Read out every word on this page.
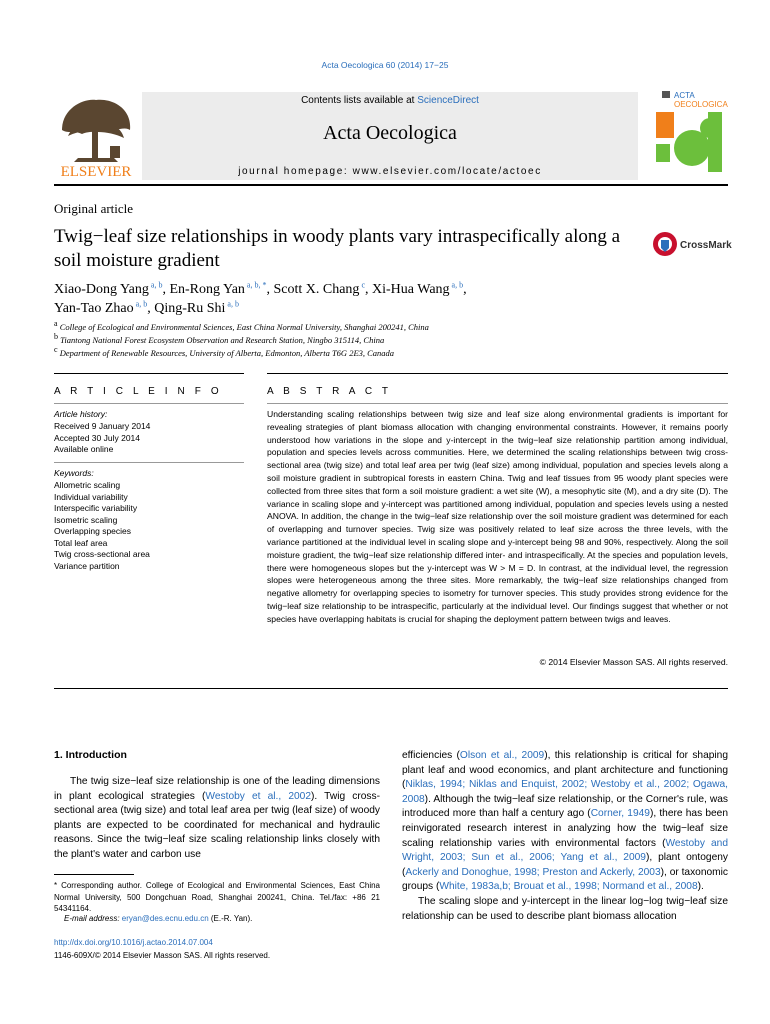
Acta Oecologica 60 (2014) 17−25
ELSEVIER
Contents lists available at ScienceDirect
Acta Oecologica
journal homepage: www.elsevier.com/locate/actoec
ACTA
OECOLOGICA
Original article
Twig−leaf size relationships in woody plants vary intraspecifically along a soil moisture gradient
CrossMark
Xiao-Dong Yang $^{a, b}$, En-Rong Yan $^{a, b, *}$, Scott X. Chang $^c$, Xi-Hua Wang $^{a, b}$,
Yan-Tao Zhao $^{a, b}$, Qing-Ru Shi $^{a, b}$
$^a$ College of Ecological and Environmental Sciences, East China Normal University, Shanghai 200241, China
$^b$ Tiantong National Forest Ecosystem Observation and Research Station, Ningbo 315114, China
$^c$ Department of Renewable Resources, University of Alberta, Edmonton, Alberta T6G 2E3, Canada
A R T I C L E I N F O
Article history:
Received 9 January 2014
Accepted 30 July 2014
Available online
Keywords:
Allometric scaling
Individual variability
Interspecific variability
Isometric scaling
Overlapping species
Total leaf area
Twig cross-sectional area
Variance partition
A B S T R A C T
Understanding scaling relationships between twig size and leaf size along environmental gradients is important for revealing strategies of plant biomass allocation with changing environmental constraints. However, it remains poorly understood how variations in the slope and y-intercept in the twig−leaf size relationship partition among individual, population and species levels across communities. Here, we determined the scaling relationships between twig cross-sectional area (twig size) and total leaf area per twig (leaf size) among individual, population and species levels along a soil moisture gradient in subtropical forests in eastern China. Twig and leaf tissues from 95 woody plant species were collected from three sites that form a soil moisture gradient: a wet site (W), a mesophytic site (M), and a dry site (D). The variance in scaling slope and y-intercept was partitioned among individual, population and species levels using a nested ANOVA. In addition, the change in the twig−leaf size relationship over the soil moisture gradient was determined for each of overlapping and turnover species. Twig size was positively related to leaf size across the three levels, with the variance partitioned at the individual level in scaling slope and y-intercept being 98 and 90%, respectively. Along the soil moisture gradient, the twig−leaf size relationship differed inter- and intraspecifically. At the species and population levels, there were homogeneous slopes but the y-intercept was W > M = D. In contrast, at the individual level, the regression slopes were heterogeneous among the three sites. More remarkably, the twig−leaf size relationships changed from negative allometry for overlapping species to isometry for turnover species. This study provides strong evidence for the twig−leaf size relationship to be intraspecific, particularly at the individual level. Our findings suggest that whether or not species have overlapping habitats is crucial for shaping the deployment pattern between twigs and leaves.
© 2014 Elsevier Masson SAS. All rights reserved.
1. Introduction
The twig size−leaf size relationship is one of the leading dimensions in plant ecological strategies (Westoby et al., 2002). Twig cross-sectional area (twig size) and total leaf area per twig (leaf size) of woody plants are expected to be coordinated for mechanical and hydraulic reasons. Since the twig−leaf size scaling relationship links closely with the plant's water and carbon use
* Corresponding author. College of Ecological and Environmental Sciences, East China Normal University, 500 Dongchuan Road, Shanghai 200241, China. Tel./fax: +86 21 54341164.
E-mail address: eryan@des.ecnu.edu.cn (E.-R. Yan).
http://dx.doi.org/10.1016/j.actao.2014.07.004
1146-609X/© 2014 Elsevier Masson SAS. All rights reserved.
efficiencies (Olson et al., 2009), this relationship is critical for shaping plant leaf and wood economics, and plant architecture and functioning (Niklas, 1994; Niklas and Enquist, 2002; Westoby et al., 2002; Ogawa, 2008). Although the twig−leaf size relationship, or the Corner's rule, was introduced more than half a century ago (Corner, 1949), there has been reinvigorated research interest in analyzing how the twig−leaf size scaling relationship varies with environmental factors (Westoby and Wright, 2003; Sun et al., 2006; Yang et al., 2009), plant ontogeny (Ackerly and Donoghue, 1998; Preston and Ackerly, 2003), or taxonomic groups (White, 1983a,b; Brouat et al., 1998; Normand et al., 2008).
The scaling slope and y-intercept in the linear log−log twig−leaf size relationship can be used to describe plant biomass allocation
